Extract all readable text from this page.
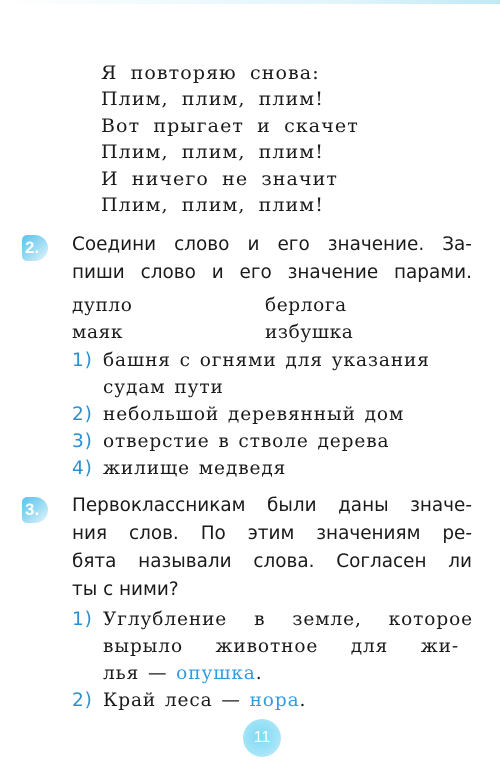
Я повторяю снова:
Плим, плим, плим!
Вот прыгает и скачет
Плим, плим, плим!
И ничего не значит
Плим, плим, плим!
2.	Соедини слово и его значение. За-
пиши слово и его значение парами.
дупло	берлога
маяк	избушка
1) башня с огнями для указания
судам пути
2) небольшой деревянный дом
3) отверстие в стволе дерева
4) жилище медведя
3.	Первоклассникам были даны значе-
ния слов. По этим значениям ре-
бята называли слова. Согласен ли
ты с ними?
1) Углубление в земле, которое
вырыло животное для жи-
лья — опушка.
2) Край леса — нора.
11
